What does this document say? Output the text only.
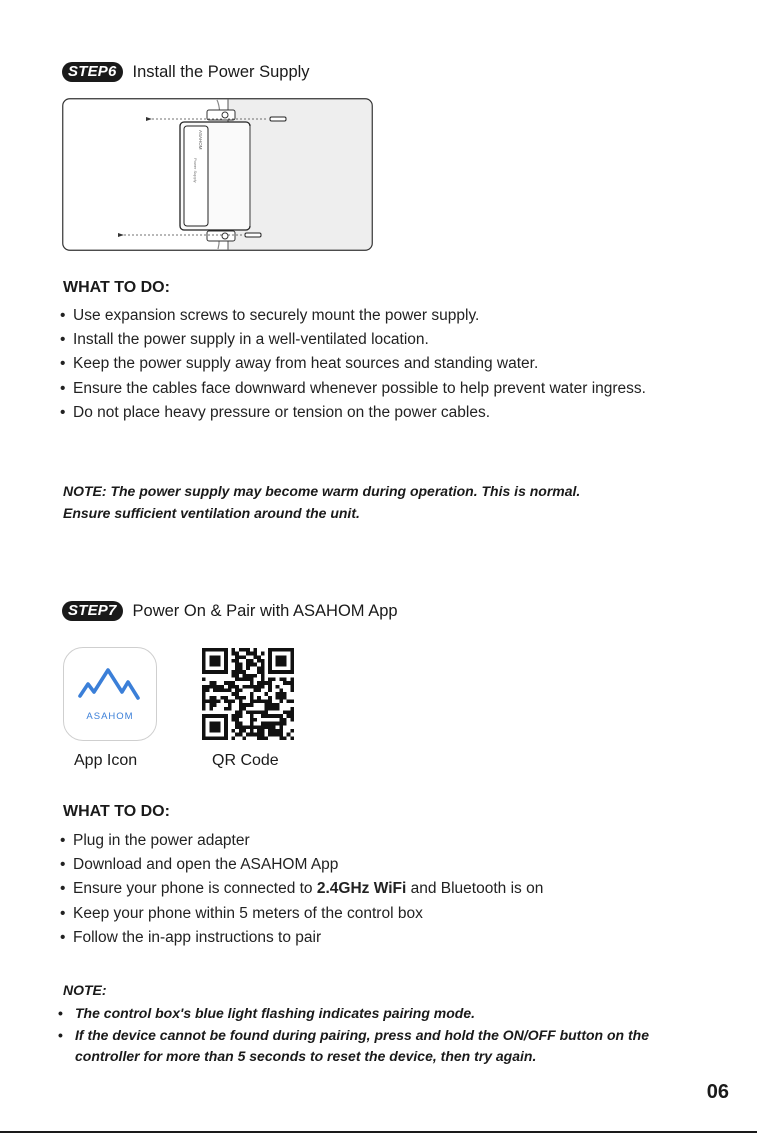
STEP6 Install the Power Supply
ASAHOM
Power Supply
WHAT TO DO:
• Use expansion screws to securely mount the power supply.
• Install the power supply in a well-ventilated location.
• Keep the power supply away from heat sources and standing water.
• Ensure the cables face downward whenever possible to help prevent water ingress.
• Do not place heavy pressure or tension on the power cables.
NOTE: The power supply may become warm during operation. This is normal.
Ensure sufficient ventilation around the unit.
STEP7 Power On & Pair with ASAHOM App
ASAHOM
App Icon	QR Code
WHAT TO DO:
• Plug in the power adapter
• Download and open the ASAHOM App
• Ensure your phone is connected to 2.4GHz WiFi and Bluetooth is on
• Keep your phone within 5 meters of the control box
• Follow the in-app instructions to pair
NOTE:
• The control box's blue light flashing indicates pairing mode.
• If the device cannot be found during pairing, press and hold the ON/OFF button on the controller for more than 5 seconds to reset the device, then try again.
06
